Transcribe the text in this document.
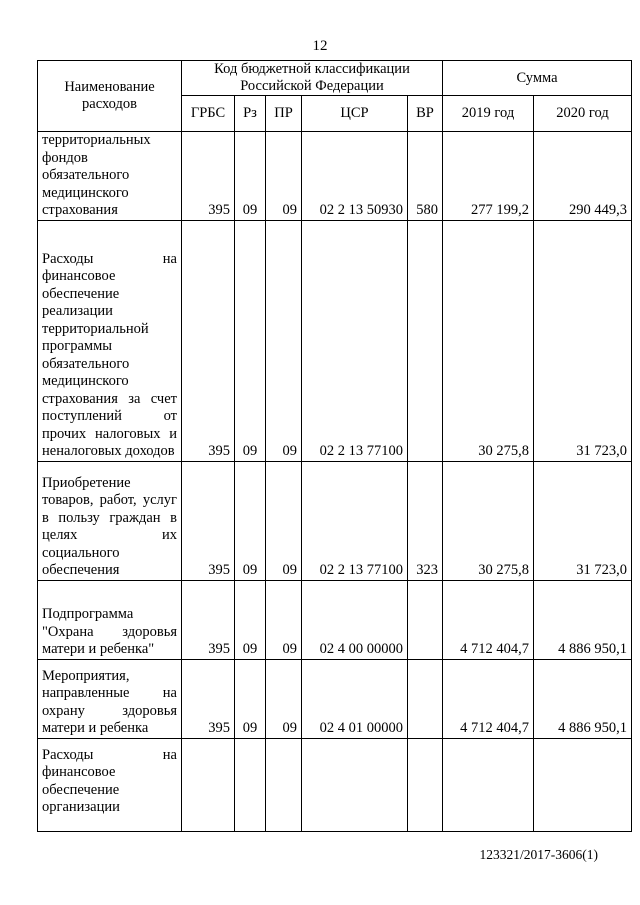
12
Наименование расходов	Код бюджетной классификации Российской Федерации					Сумма	
	ГРБС	Рз	ПР	ЦСР	ВР	2019 год	2020 год
территориальных фондов обязательного медицинского страхования	395	09	09	02 2 13 50930	580	277 199,2	290 449,3
Расходы на финансовое обеспечение реализации территориальной программы обязательного медицинского страхования за счет поступлений от прочих налоговых и неналоговых доходов	395	09	09	02 2 13 77100		30 275,8	31 723,0
Приобретение товаров, работ, услуг в пользу граждан в целях их социального обеспечения	395	09	09	02 2 13 77100	323	30 275,8	31 723,0
Подпрограмма "Охрана здоровья матери и ребенка"	395	09	09	02 4 00 00000		4 712 404,7	4 886 950,1
Мероприятия, направленные на охрану здоровья матери и ребенка	395	09	09	02 4 01 00000		4 712 404,7	4 886 950,1
Расходы на финансовое обеспечение организации							
123321/2017-3606(1)
